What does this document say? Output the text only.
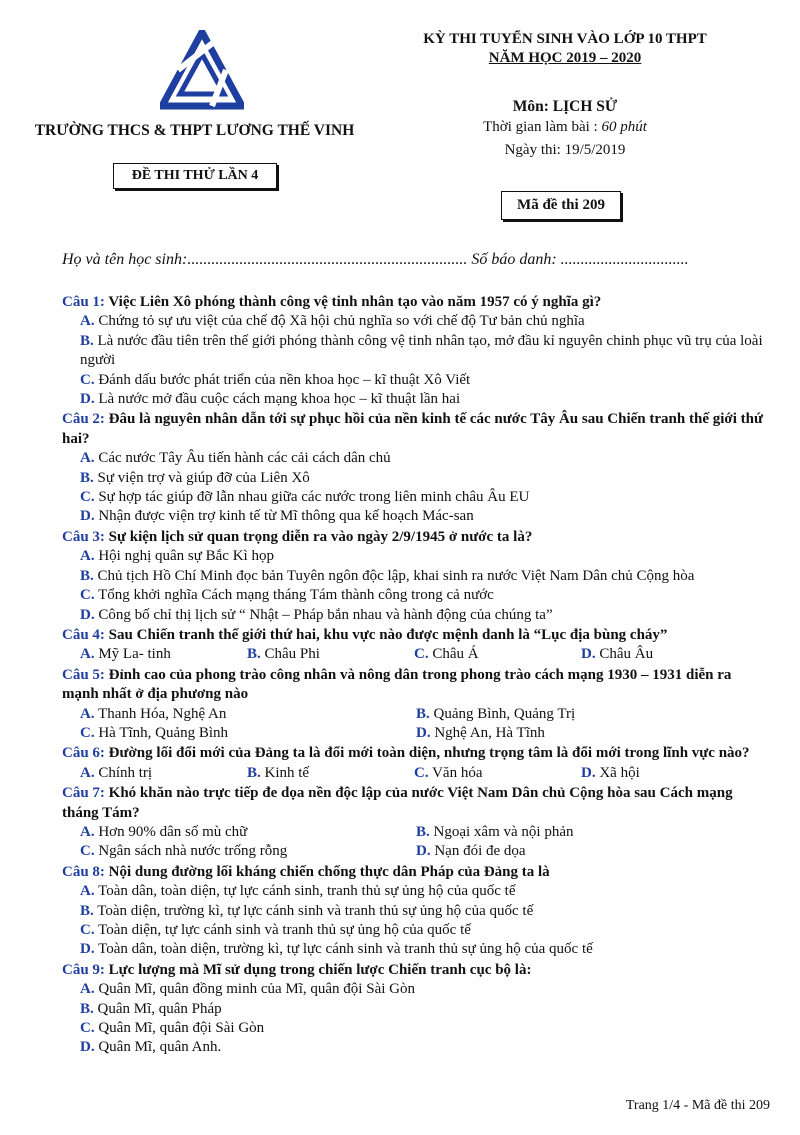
TRƯỜNG THCS & THPT LƯƠNG THẾ VINH
ĐỀ THI THỬ LẦN 4
KỲ THI TUYỂN SINH VÀO LỚP 10 THPT
NĂM HỌC 2019 – 2020
Môn: LỊCH SỬ
Thời gian làm bài : 60 phút
Ngày thi: 19/5/2019
Mã đề thi 209
Họ và tên học sinh:...................................................................... Số báo danh: ................................
Câu 1: Việc Liên Xô phóng thành công vệ tinh nhân tạo vào năm 1957 có ý nghĩa gì?
A. Chứng tỏ sự ưu việt của chế độ Xã hội chủ nghĩa so với chế độ Tư bản chủ nghĩa
B. Là nước đầu tiên trên thế giới phóng thành công vệ tinh nhân tạo, mở đầu kỉ nguyên chinh phục vũ trụ của loài người
C. Đánh dấu bước phát triển của nền khoa học – kĩ thuật Xô Viết
D. Là nước mở đầu cuộc cách mạng khoa học – kĩ thuật lần hai
Câu 2: Đâu là nguyên nhân dẫn tới sự phục hồi của nền kinh tế các nước Tây Âu sau Chiến tranh thế giới thứ hai?
A. Các nước Tây Âu tiến hành các cải cách dân chủ
B. Sự viện trợ và giúp đỡ của Liên Xô
C. Sự hợp tác giúp đỡ lẫn nhau giữa các nước trong liên minh châu Âu EU
D. Nhận được viện trợ kinh tế từ Mĩ thông qua kế hoạch Mác-san
Câu 3: Sự kiện lịch sử quan trọng diễn ra vào ngày 2/9/1945 ở nước ta là?
A. Hội nghị quân sự Bắc Kì họp
B. Chủ tịch Hồ Chí Minh đọc bản Tuyên ngôn độc lập, khai sinh ra nước Việt Nam Dân chủ Cộng hòa
C. Tổng khởi nghĩa Cách mạng tháng Tám thành công trong cả nước
D. Công bố chỉ thị lịch sử “ Nhật – Pháp bắn nhau và hành động của chúng ta”
Câu 4: Sau Chiến tranh thế giới thứ hai, khu vực nào được mệnh danh là “Lục địa bùng cháy”
A. Mỹ La- tinh	B. Châu Phi	C. Châu Á	D. Châu Âu
Câu 5: Đỉnh cao của phong trào công nhân và nông dân trong phong trào cách mạng 1930 – 1931 diễn ra mạnh nhất ở địa phương nào
A. Thanh Hóa, Nghệ An	B. Quảng Bình, Quảng Trị
C. Hà Tĩnh, Quảng Bình	D. Nghệ An, Hà Tĩnh
Câu 6: Đường lối đổi mới của Đảng ta là đổi mới toàn diện, nhưng trọng tâm là đổi mới trong lĩnh vực nào?
A. Chính trị	B. Kinh tế	C. Văn hóa	D. Xã hội
Câu 7: Khó khăn nào trực tiếp đe dọa nền độc lập của nước Việt Nam Dân chủ Cộng hòa sau Cách mạng tháng Tám?
A. Hơn 90% dân số mù chữ	B. Ngoại xâm và nội phản
C. Ngân sách nhà nước trống rỗng	D. Nạn đói đe dọa
Câu 8: Nội dung đường lối kháng chiến chống thực dân Pháp của Đảng ta là
A. Toàn dân, toàn diện, tự lực cánh sinh, tranh thủ sự ủng hộ của quốc tế
B. Toàn diện, trường kì, tự lực cánh sinh và tranh thủ sự ủng hộ của quốc tế
C. Toàn diện, tự lực cánh sinh và tranh thủ sự ủng hộ của quốc tế
D. Toàn dân, toàn diện, trường kì, tự lực cánh sinh và tranh thủ sự ủng hộ của quốc tế
Câu 9: Lực lượng mà Mĩ sử dụng trong chiến lược Chiến tranh cục bộ là:
A. Quân Mĩ, quân đồng minh của Mĩ, quân đội Sài Gòn
B. Quân Mĩ, quân Pháp
C. Quân Mĩ, quân đội Sài Gòn
D. Quân Mĩ, quân Anh.
Trang 1/4 - Mã đề thi 209
